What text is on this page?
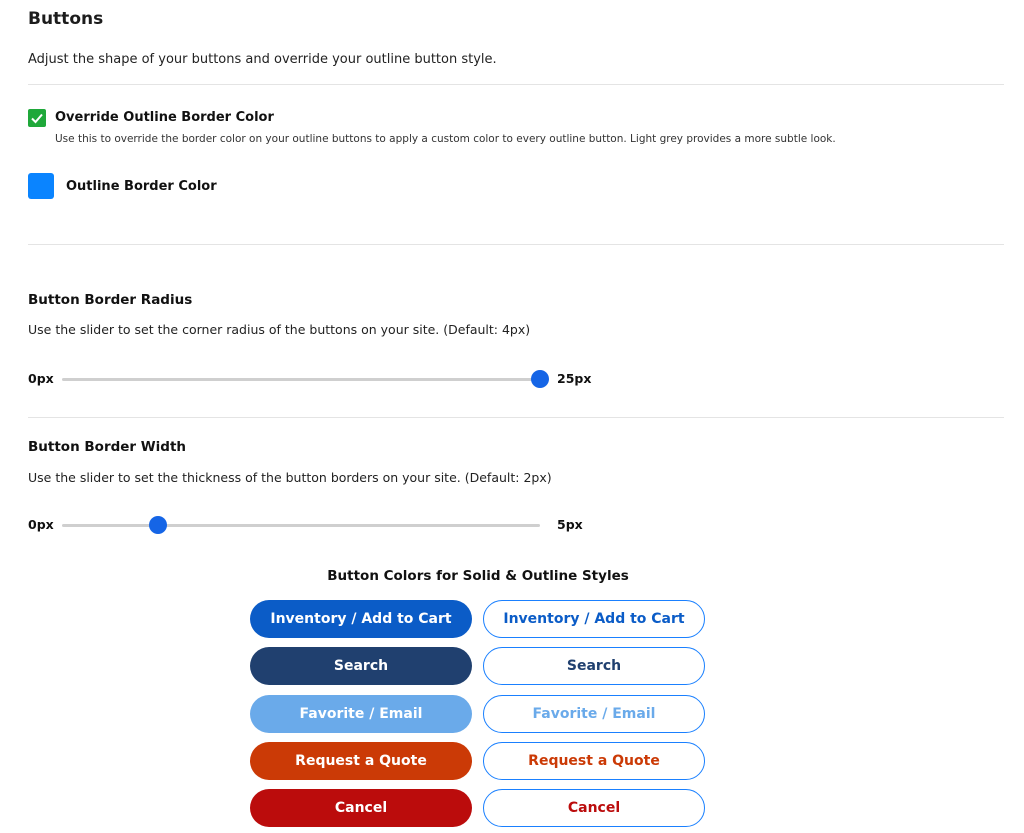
Buttons
Adjust the shape of your buttons and override your outline button style.
Override Outline Border Color
Use this to override the border color on your outline buttons to apply a custom color to every outline button. Light grey provides a more subtle look.
Outline Border Color
Button Border Radius
Use the slider to set the corner radius of the buttons on your site. (Default: 4px)
0px	25px
Button Border Width
Use the slider to set the thickness of the button borders on your site. (Default: 2px)
0px	5px
Button Colors for Solid & Outline Styles
Inventory / Add to Cart	Inventory / Add to Cart
Search	Search
Favorite / Email	Favorite / Email
Request a Quote	Request a Quote
Cancel	Cancel
